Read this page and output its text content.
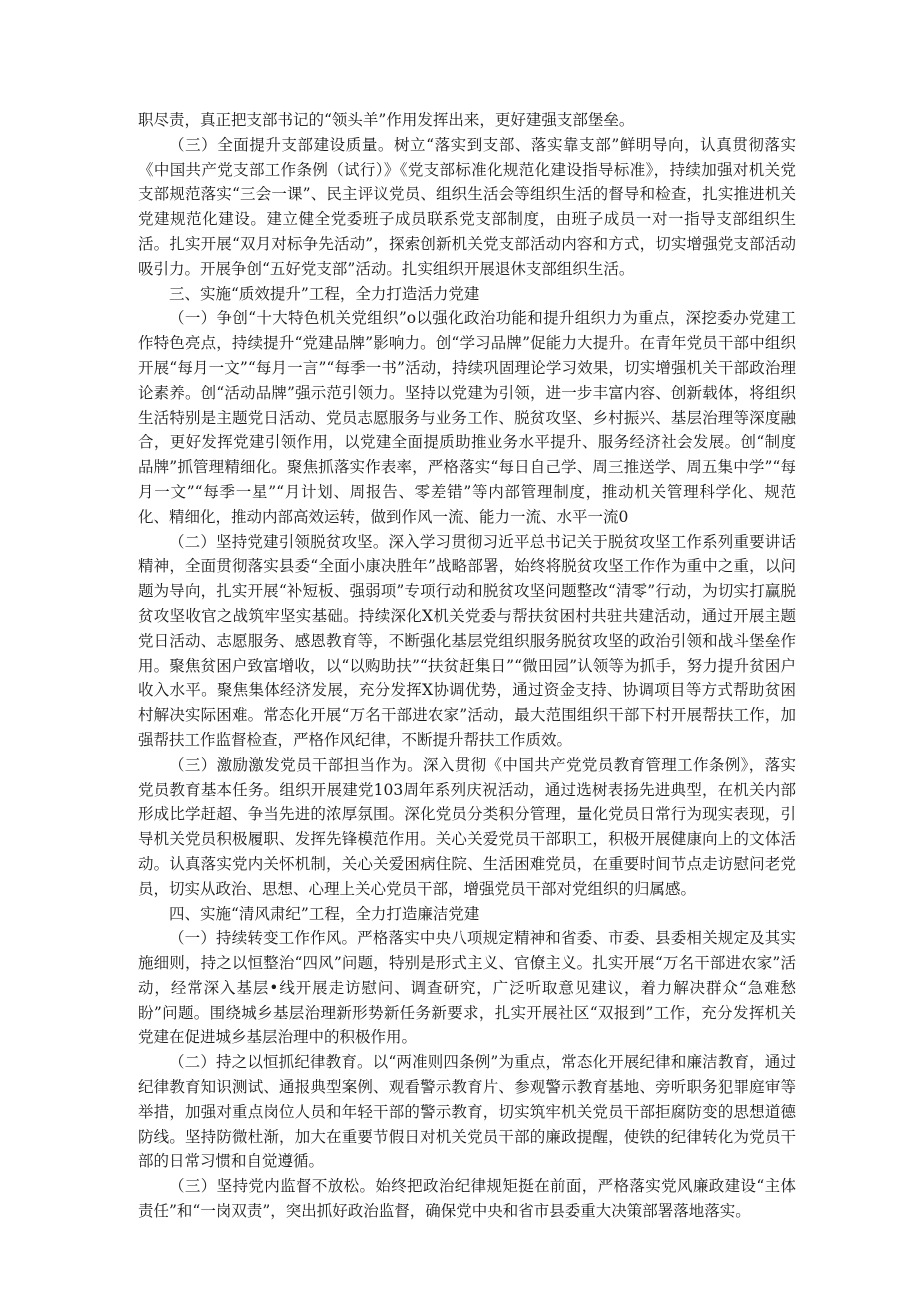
职尽责，真正把支部书记的“领头羊”作用发挥出来，更好建强支部堡垒。

（三）全面提升支部建设质量。树立“落实到支部、落实靠支部”鲜明导向，认真贯彻落实《中国共产党支部工作条例（试行）》《党支部标准化规范化建设指导标准》，持续加强对机关党支部规范落实“三会一课”、民主评议党员、组织生活会等组织生活的督导和检查，扎实推进机关党建规范化建设。建立健全党委班子成员联系党支部制度，由班子成员一对一指导支部组织生活。扎实开展“双月对标争先活动”，探索创新机关党支部活动内容和方式，切实增强党支部活动吸引力。开展争创“五好党支部”活动。扎实组织开展退休支部组织生活。

三、实施“质效提升”工程，全力打造活力党建

（一）争创“十大特色机关党组织”o以强化政治功能和提升组织力为重点，深挖委办党建工作特色亮点，持续提升“党建品牌”影响力。创“学习品牌”促能力大提升。在青年党员干部中组织开展“每月一文”“每月一言”“每季一书”活动，持续巩固理论学习效果，切实增强机关干部政治理论素养。创“活动品牌”强示范引领力。坚持以党建为引领，进一步丰富内容、创新载体，将组织生活特别是主题党日活动、党员志愿服务与业务工作、脱贫攻坚、乡村振兴、基层治理等深度融合，更好发挥党建引领作用，以党建全面提质助推业务水平提升、服务经济社会发展。创“制度品牌”抓管理精细化。聚焦抓落实作表率，严格落实“每日自己学、周三推送学、周五集中学”“每月一文”“每季一星”“月计划、周报告、零差错”等内部管理制度，推动机关管理科学化、规范化、精细化，推动内部高效运转，做到作风一流、能力一流、水平一流0

（二）坚持党建引领脱贫攻坚。深入学习贯彻习近平总书记关于脱贫攻坚工作系列重要讲话精神，全面贯彻落实县委“全面小康决胜年”战略部署，始终将脱贫攻坚工作作为重中之重，以问题为导向，扎实开展“补短板、强弱项”专项行动和脱贫攻坚问题整改“清零”行动，为切实打赢脱贫攻坚收官之战筑牢坚实基础。持续深化X机关党委与帮扶贫困村共驻共建活动，通过开展主题党日活动、志愿服务、感恩教育等，不断强化基层党组织服务脱贫攻坚的政治引领和战斗堡垒作用。聚焦贫困户致富增收，以“以购助扶”“扶贫赶集日”“微田园”认领等为抓手，努力提升贫困户收入水平。聚焦集体经济发展，充分发挥X协调优势，通过资金支持、协调项目等方式帮助贫困村解决实际困难。常态化开展“万名干部进农家”活动，最大范围组织干部下村开展帮扶工作，加强帮扶工作监督检查，严格作风纪律，不断提升帮扶工作质效。

（三）激励激发党员干部担当作为。深入贯彻《中国共产党党员教育管理工作条例》，落实党员教育基本任务。组织开展建党103周年系列庆祝活动，通过选树表扬先进典型，在机关内部形成比学赶超、争当先进的浓厚氛围。深化党员分类积分管理，量化党员日常行为现实表现，引导机关党员积极履职、发挥先锋模范作用。关心关爱党员干部职工，积极开展健康向上的文体活动。认真落实党内关怀机制，关心关爱困病住院、生活困难党员，在重要时间节点走访慰问老党员，切实从政治、思想、心理上关心党员干部，增强党员干部对党组织的归属感。

四、实施“清风肃纪”工程，全力打造廉洁党建

（一）持续转变工作作风。严格落实中央八项规定精神和省委、市委、县委相关规定及其实施细则，持之以恒整治“四风”问题，特别是形式主义、官僚主义。扎实开展“万名干部进农家”活动，经常深入基层•线开展走访慰问、调查研究，广泛听取意见建议，着力解决群众“急难愁盼”问题。围绕城乡基层治理新形势新任务新要求，扎实开展社区“双报到”工作，充分发挥机关党建在促进城乡基层治理中的积极作用。

（二）持之以恒抓纪律教育。以“两准则四条例”为重点，常态化开展纪律和廉洁教育，通过纪律教育知识测试、通报典型案例、观看警示教育片、参观警示教育基地、旁听职务犯罪庭审等举措，加强对重点岗位人员和年轻干部的警示教育，切实筑牢机关党员干部拒腐防变的思想道德防线。坚持防微杜渐，加大在重要节假日对机关党员干部的廉政提醒，使铁的纪律转化为党员干部的日常习惯和自觉遵循。

（三）坚持党内监督不放松。始终把政治纪律规矩挺在前面，严格落实党风廉政建设“主体责任”和“一岗双责”，突出抓好政治监督，确保党中央和省市县委重大决策部署落地落实。
